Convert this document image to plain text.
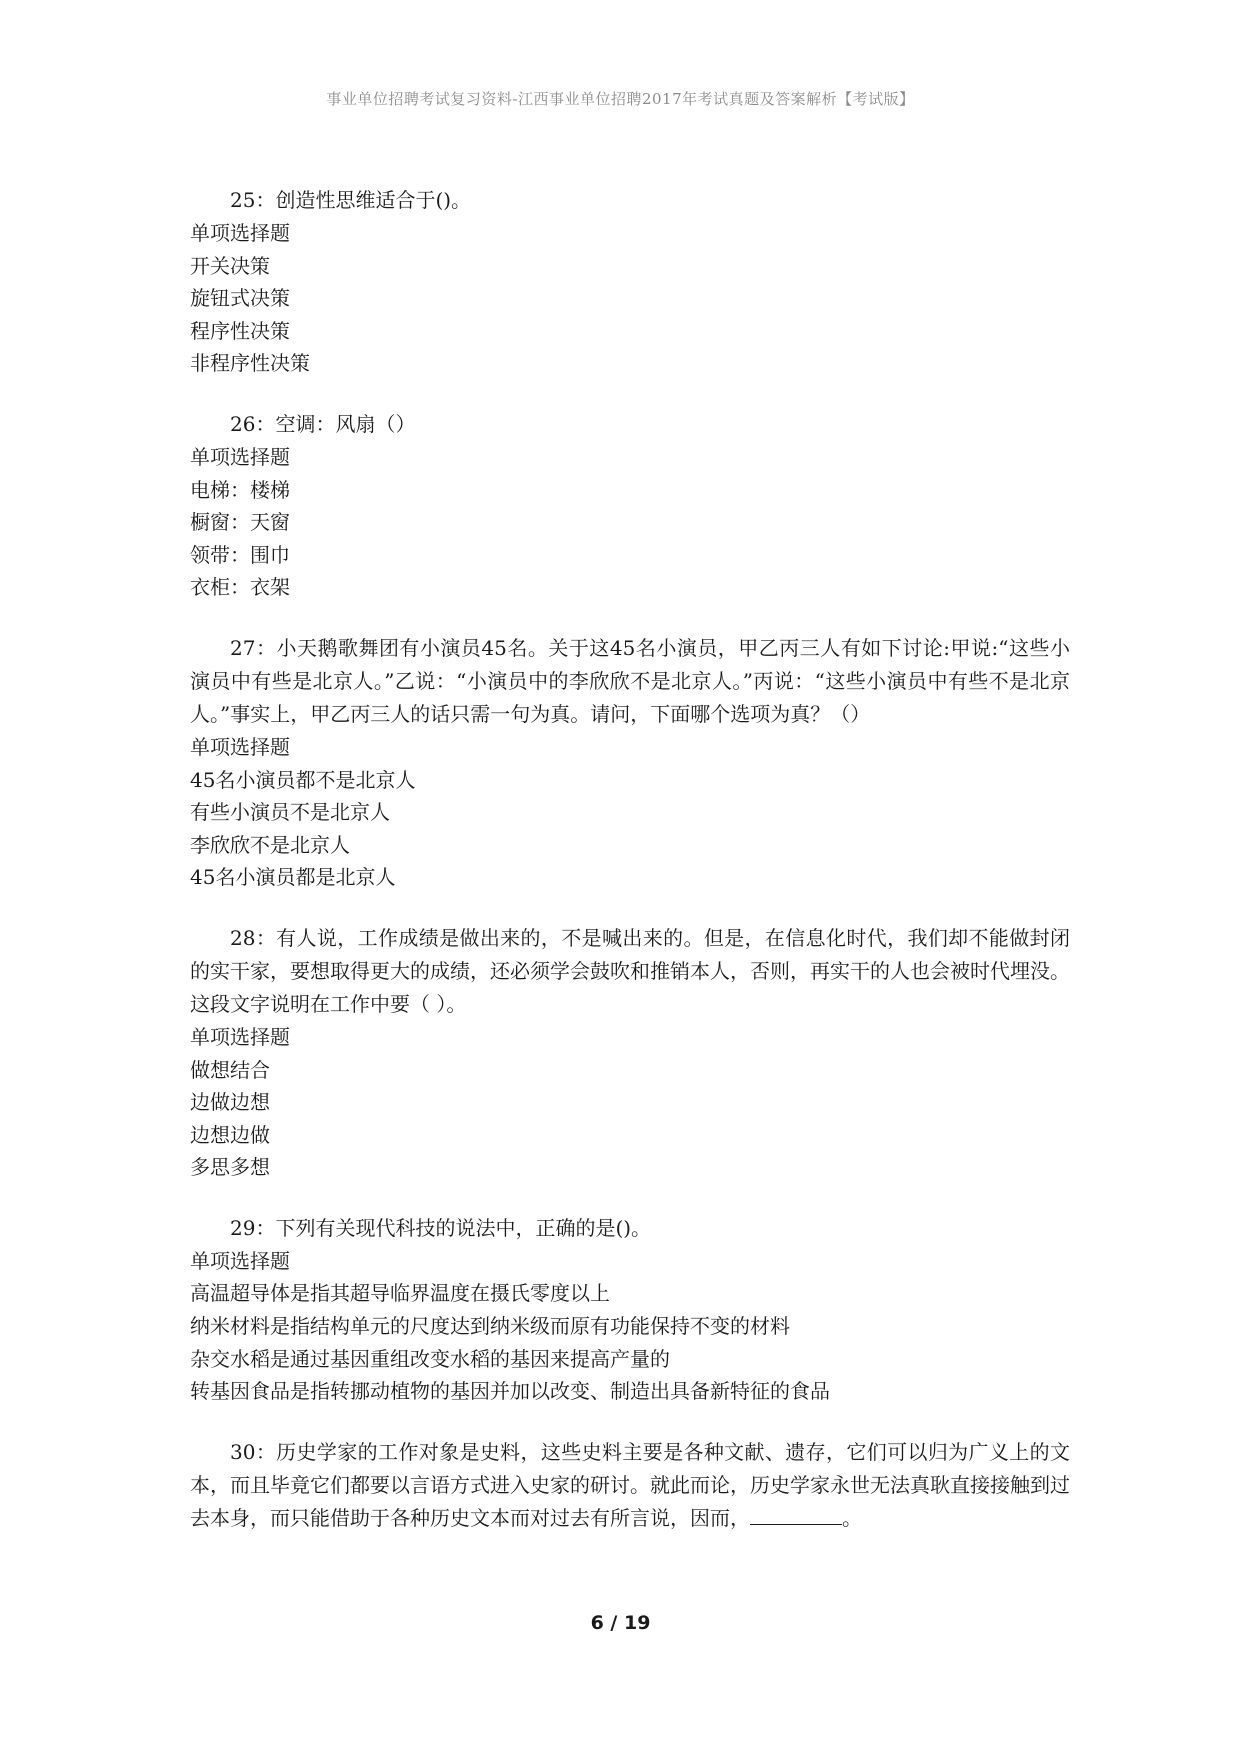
事业单位招聘考试复习资料-江西事业单位招聘2017年考试真题及答案解析【考试版】

25：创造性思维适合于()。

单项选择题

开关决策

旋钮式决策

程序性决策

非程序性决策

26：空调：风扇（）

单项选择题

电梯：楼梯

橱窗：天窗

领带：围巾

衣柜：衣架

27：小天鹅歌舞团有小演员45名。关于这45名小演员，甲乙丙三人有如下讨论:甲说:“这些小演员中有些是北京人。”乙说：“小演员中的李欣欣不是北京人。”丙说：“这些小演员中有些不是北京人。”事实上，甲乙丙三人的话只需一句为真。请问，下面哪个选项为真？（）

单项选择题

45名小演员都不是北京人

有些小演员不是北京人

李欣欣不是北京人

45名小演员都是北京人

28：有人说，工作成绩是做出来的，不是喊出来的。但是，在信息化时代，我们却不能做封闭的实干家，要想取得更大的成绩，还必须学会鼓吹和推销本人，否则，再实干的人也会被时代埋没。这段文字说明在工作中要（ ）。

单项选择题

做想结合

边做边想

边想边做

多思多想

29：下列有关现代科技的说法中，正确的是()。

单项选择题

高温超导体是指其超导临界温度在摄氏零度以上

纳米材料是指结构单元的尺度达到纳米级而原有功能保持不变的材料

杂交水稻是通过基因重组改变水稻的基因来提高产量的

转基因食品是指转挪动植物的基因并加以改变、制造出具备新特征的食品

30：历史学家的工作对象是史料，这些史料主要是各种文献、遗存，它们可以归为广义上的文本，而且毕竟它们都要以言语方式进入史家的研讨。就此而论，历史学家永世无法真耿直接接触到过去本身，而只能借助于各种历史文本而对过去有所言说，因而，	。

6 / 19
